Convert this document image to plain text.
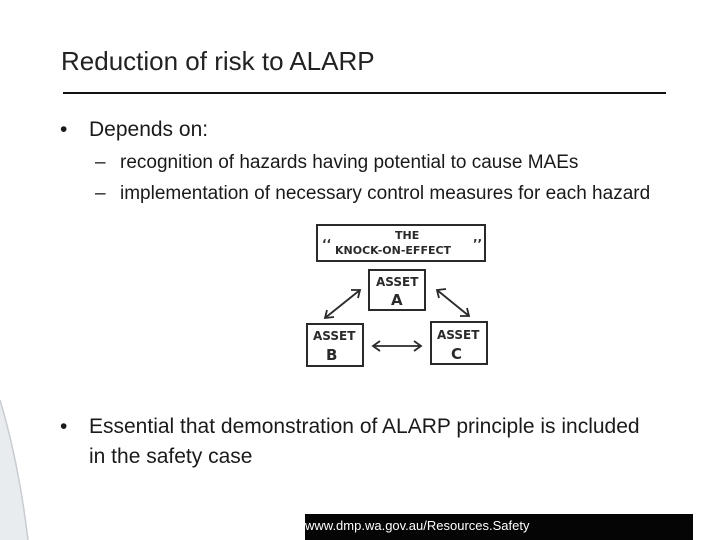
Reduction of risk to ALARP
• Depends on:
– recognition of hazards having potential to cause MAEs
– implementation of necessary control measures for each hazard
‘‘	’’
THE
KNOCK-ON-EFFECT
ASSET
A
ASSET
B
ASSET
C
• Essential that demonstration of ALARP principle is included in the safety case
www.dmp.wa.gov.au/Resources.Safety
